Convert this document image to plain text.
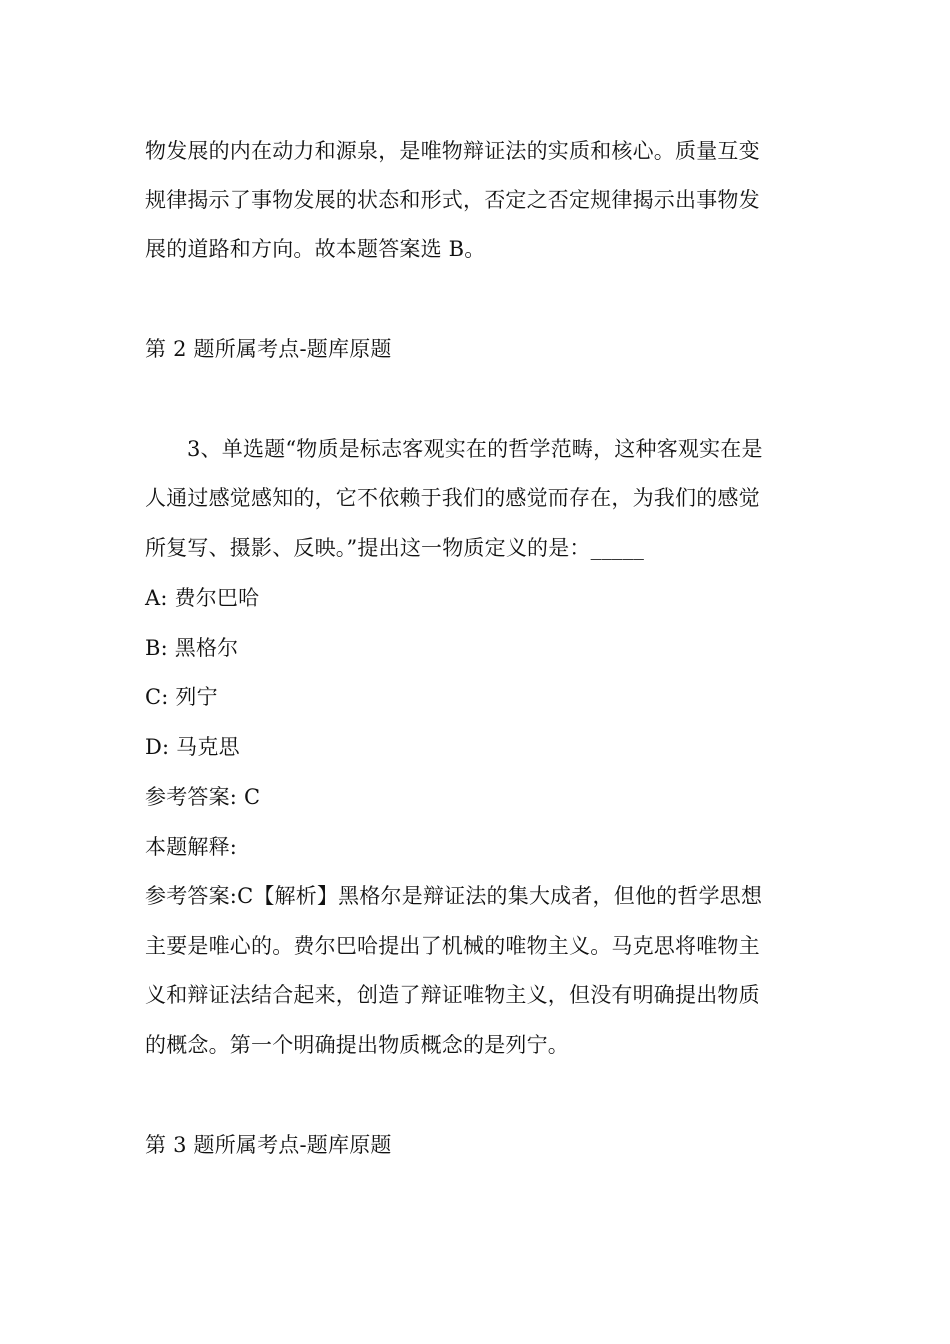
物发展的内在动力和源泉，是唯物辩证法的实质和核心。质量互变
规律揭示了事物发展的状态和形式，否定之否定规律揭示出事物发
展的道路和方向。故本题答案选 B。
第 2 题所属考点-题库原题
3、单选题“物质是标志客观实在的哲学范畴，这种客观实在是
人通过感觉感知的，它不依赖于我们的感觉而存在，为我们的感觉
所复写、摄影、反映。”提出这一物质定义的是：_____
A: 费尔巴哈
B: 黑格尔
C: 列宁
D: 马克思
参考答案: C
本题解释:
参考答案:C【解析】黑格尔是辩证法的集大成者，但他的哲学思想
主要是唯心的。费尔巴哈提出了机械的唯物主义。马克思将唯物主
义和辩证法结合起来，创造了辩证唯物主义，但没有明确提出物质
的概念。第一个明确提出物质概念的是列宁。
第 3 题所属考点-题库原题
